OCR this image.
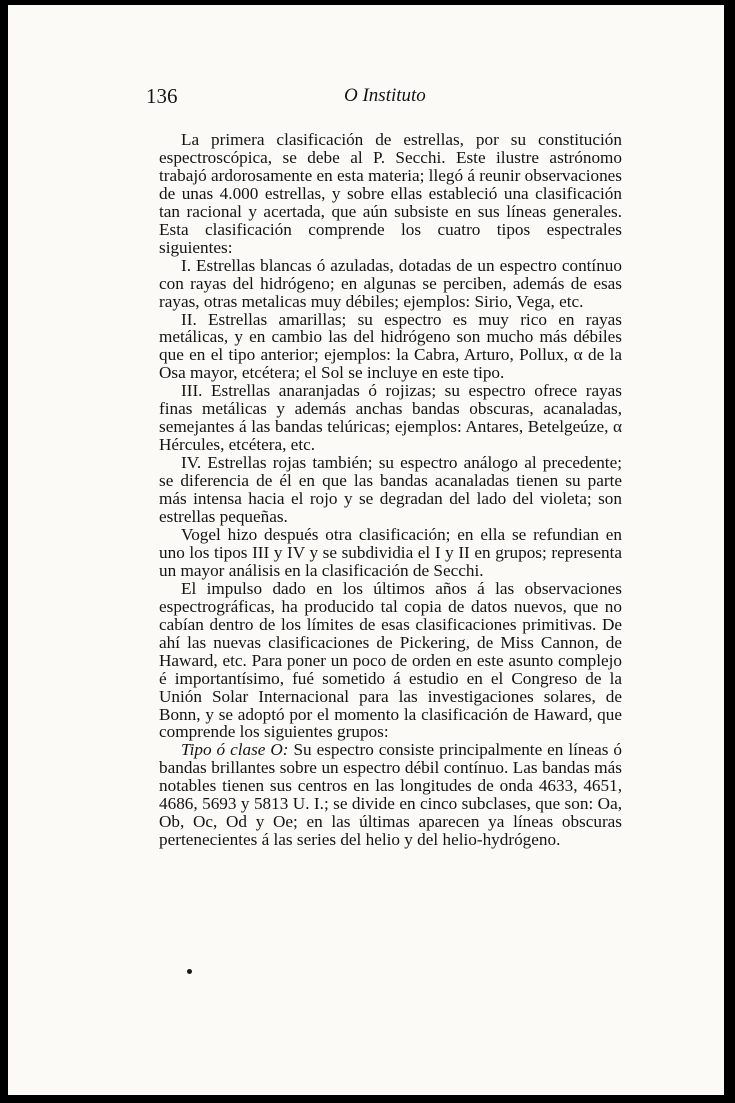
136	O Instituto

La primera clasificación de estrellas, por su constitución espectroscópica, se debe al P. Secchi. Este ilustre astrónomo trabajó ardorosamente en esta materia; llegó á reunir observaciones de unas 4.000 estrellas, y sobre ellas estableció una clasificación tan racional y acertada, que aún subsiste en sus líneas generales. Esta clasificación comprende los cuatro tipos espectrales siguientes:

I. Estrellas blancas ó azuladas, dotadas de un espectro contínuo con rayas del hidrógeno; en algunas se perciben, además de esas rayas, otras metalicas muy débiles; ejemplos: Sirio, Vega, etc.

II. Estrellas amarillas; su espectro es muy rico en rayas metálicas, y en cambio las del hidrógeno son mucho más débiles que en el tipo anterior; ejemplos: la Cabra, Arturo, Pollux, α de la Osa mayor, etcétera; el Sol se incluye en este tipo.

III. Estrellas anaranjadas ó rojizas; su espectro ofrece rayas finas metálicas y además anchas bandas obscuras, acanaladas, semejantes á las bandas telúricas; ejemplos: Antares, Betelgeúze, α Hércules, etcétera, etc.

IV. Estrellas rojas también; su espectro análogo al precedente; se diferencia de él en que las bandas acanaladas tienen su parte más intensa hacia el rojo y se degradan del lado del violeta; son estrellas pequeñas.

Vogel hizo después otra clasificación; en ella se refundian en uno los tipos III y IV y se subdividia el I y II en grupos; representa un mayor análisis en la clasificación de Secchi.

El impulso dado en los últimos años á las observaciones espectrográficas, ha producido tal copia de datos nuevos, que no cabían dentro de los límites de esas clasificaciones primitivas. De ahí las nuevas clasificaciones de Pickering, de Miss Cannon, de Haward, etc. Para poner un poco de orden en este asunto complejo é importantísimo, fué sometido á estudio en el Congreso de la Unión Solar Internacional para las investigaciones solares, de Bonn, y se adoptó por el momento la clasificación de Haward, que comprende los siguientes grupos:

Tipo ó clase O: Su espectro consiste principalmente en líneas ó bandas brillantes sobre un espectro débil contínuo. Las bandas más notables tienen sus centros en las longitudes de onda 4633, 4651, 4686, 5693 y 5813 U. I.; se divide en cinco subclases, que son: Oa, Ob, Oc, Od y Oe; en las últimas aparecen ya líneas obscuras pertenecientes á las series del helio y del helio-hydrógeno.
